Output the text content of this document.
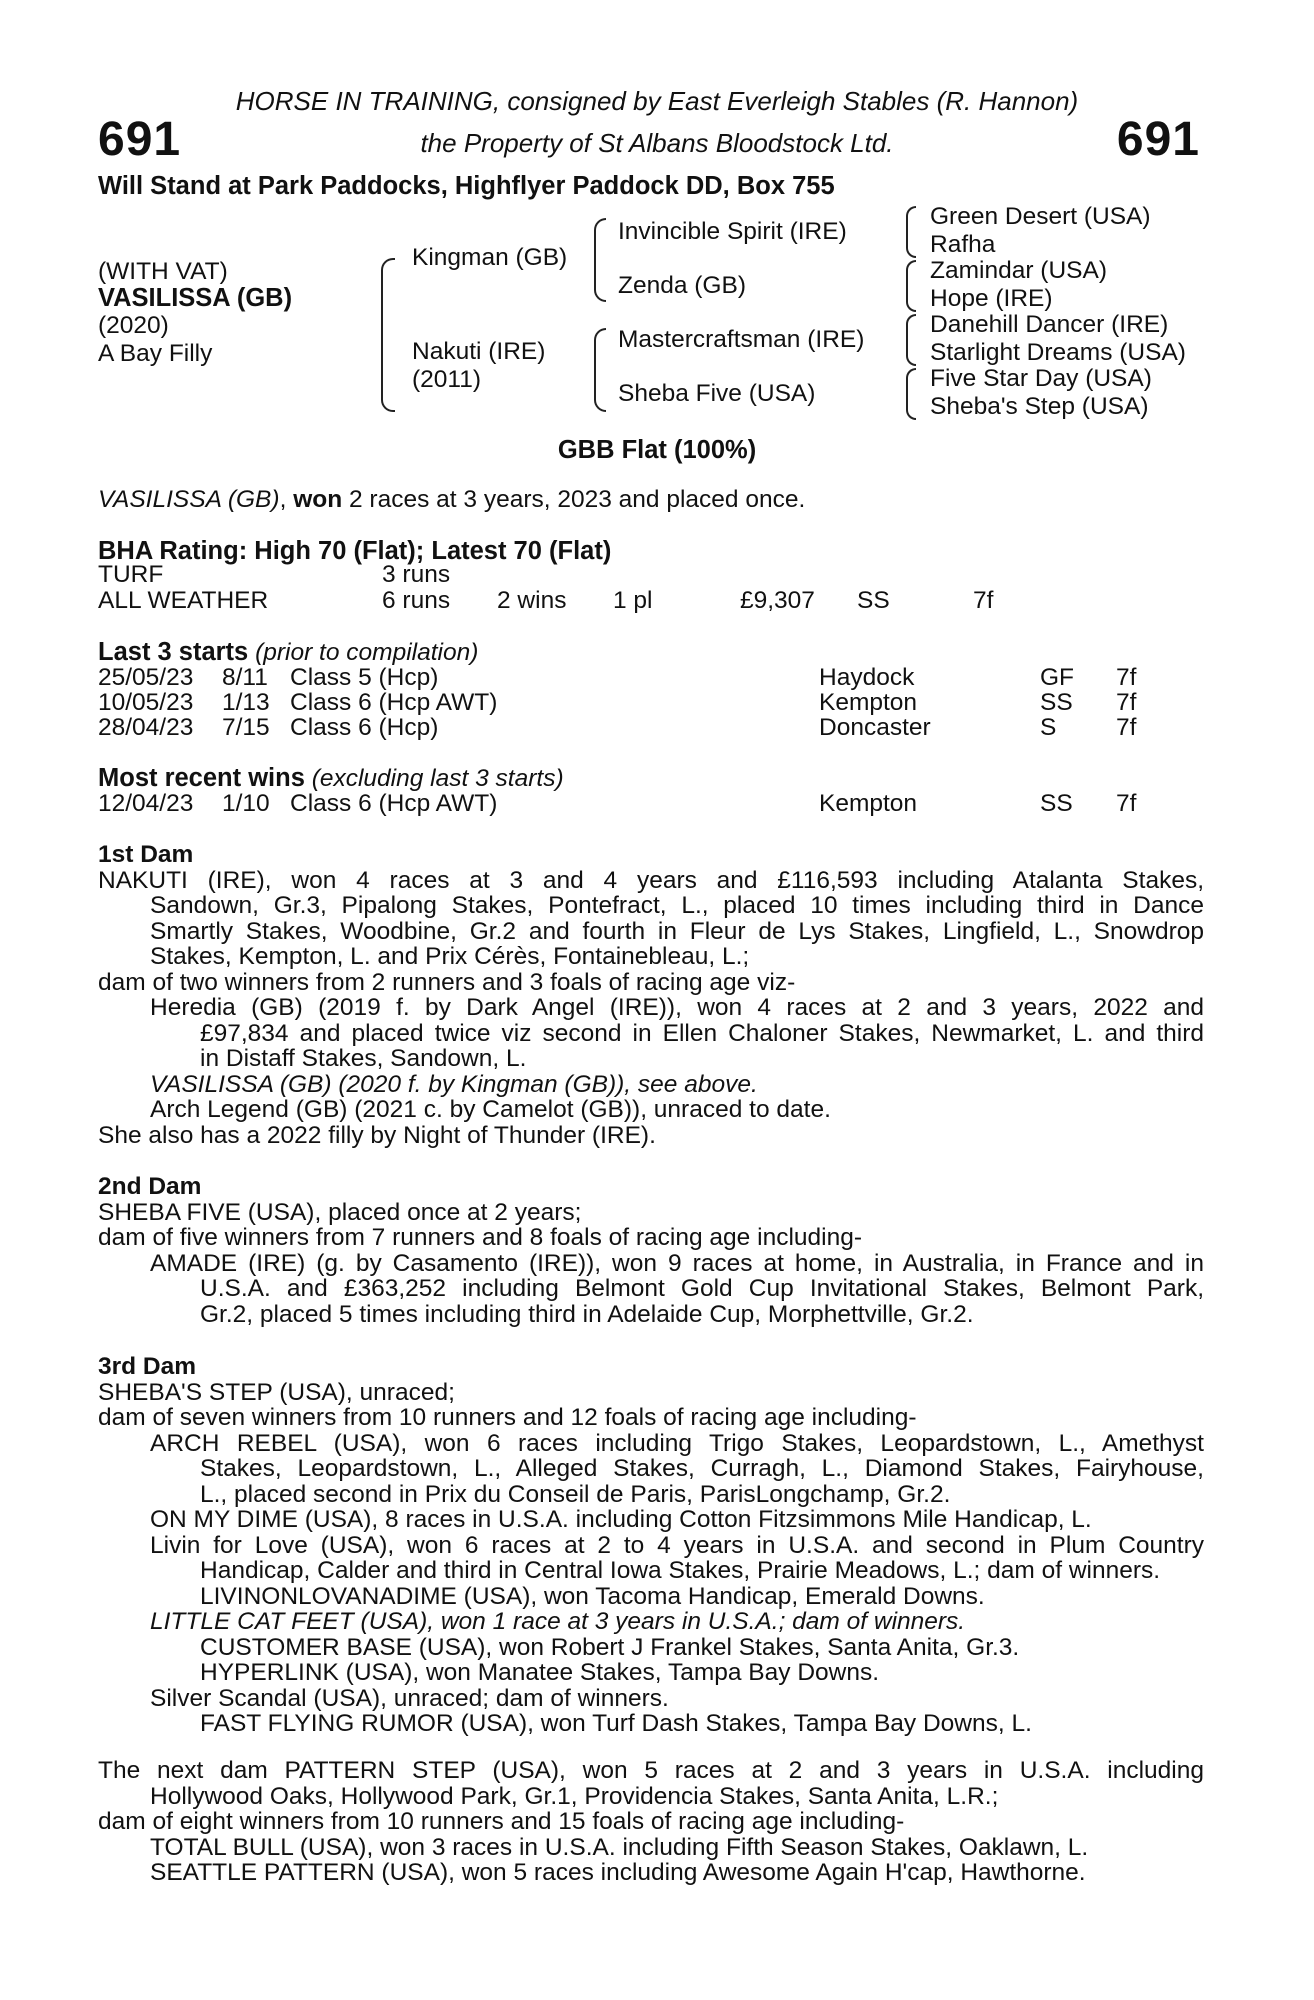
691	691
HORSE IN TRAINING, consigned by East Everleigh Stables (R. Hannon)
the Property of St Albans Bloodstock Ltd.
Will Stand at Park Paddocks, Highflyer Paddock DD, Box 755
(WITH VAT)
VASILISSA (GB)
(2020)
A Bay Filly
Kingman (GB)
Nakuti (IRE)
(2011)
Invincible Spirit (IRE)
Zenda (GB)
Mastercraftsman (IRE)
Sheba Five (USA)
Green Desert (USA)
Rafha
Zamindar (USA)
Hope (IRE)
Danehill Dancer (IRE)
Starlight Dreams (USA)
Five Star Day (USA)
Sheba's Step (USA)
GBB Flat (100%)
VASILISSA (GB), won 2 races at 3 years, 2023 and placed once.
BHA Rating: High 70 (Flat); Latest 70 (Flat)
TURF	3 runs
ALL WEATHER	6 runs 2 wins 1 pl	£9,307 SS	7f
Last 3 starts (prior to compilation)
25/05/23 8/11 Class 5 (Hcp)	Haydock	GF 7f
10/05/23 1/13 Class 6 (Hcp AWT)	Kempton	SS 7f
28/04/23 7/15 Class 6 (Hcp)	Doncaster	S 7f
Most recent wins (excluding last 3 starts)
12/04/23 1/10 Class 6 (Hcp AWT)	Kempton	SS 7f
1st Dam
NAKUTI (IRE), won 4 races at 3 and 4 years and £116,593 including Atalanta Stakes,
Sandown, Gr.3, Pipalong Stakes, Pontefract, L., placed 10 times including third in Dance
Smartly Stakes, Woodbine, Gr.2 and fourth in Fleur de Lys Stakes, Lingfield, L., Snowdrop
Stakes, Kempton, L. and Prix Cérès, Fontainebleau, L.;
dam of two winners from 2 runners and 3 foals of racing age viz-
Heredia (GB) (2019 f. by Dark Angel (IRE)), won 4 races at 2 and 3 years, 2022 and
£97,834 and placed twice viz second in Ellen Chaloner Stakes, Newmarket, L. and third
in Distaff Stakes, Sandown, L.
VASILISSA (GB) (2020 f. by Kingman (GB)), see above.
Arch Legend (GB) (2021 c. by Camelot (GB)), unraced to date.
She also has a 2022 filly by Night of Thunder (IRE).
2nd Dam
SHEBA FIVE (USA), placed once at 2 years;
dam of five winners from 7 runners and 8 foals of racing age including-
AMADE (IRE) (g. by Casamento (IRE)), won 9 races at home, in Australia, in France and in
U.S.A. and £363,252 including Belmont Gold Cup Invitational Stakes, Belmont Park,
Gr.2, placed 5 times including third in Adelaide Cup, Morphettville, Gr.2.
3rd Dam
SHEBA'S STEP (USA), unraced;
dam of seven winners from 10 runners and 12 foals of racing age including-
ARCH REBEL (USA), won 6 races including Trigo Stakes, Leopardstown, L., Amethyst
Stakes, Leopardstown, L., Alleged Stakes, Curragh, L., Diamond Stakes, Fairyhouse,
L., placed second in Prix du Conseil de Paris, ParisLongchamp, Gr.2.
ON MY DIME (USA), 8 races in U.S.A. including Cotton Fitzsimmons Mile Handicap, L.
Livin for Love (USA), won 6 races at 2 to 4 years in U.S.A. and second in Plum Country
Handicap, Calder and third in Central Iowa Stakes, Prairie Meadows, L.; dam of winners.
LIVINONLOVANADIME (USA), won Tacoma Handicap, Emerald Downs.
LITTLE CAT FEET (USA), won 1 race at 3 years in U.S.A.; dam of winners.
CUSTOMER BASE (USA), won Robert J Frankel Stakes, Santa Anita, Gr.3.
HYPERLINK (USA), won Manatee Stakes, Tampa Bay Downs.
Silver Scandal (USA), unraced; dam of winners.
FAST FLYING RUMOR (USA), won Turf Dash Stakes, Tampa Bay Downs, L.
The next dam PATTERN STEP (USA), won 5 races at 2 and 3 years in U.S.A. including
Hollywood Oaks, Hollywood Park, Gr.1, Providencia Stakes, Santa Anita, L.R.;
dam of eight winners from 10 runners and 15 foals of racing age including-
TOTAL BULL (USA), won 3 races in U.S.A. including Fifth Season Stakes, Oaklawn, L.
SEATTLE PATTERN (USA), won 5 races including Awesome Again H'cap, Hawthorne.
